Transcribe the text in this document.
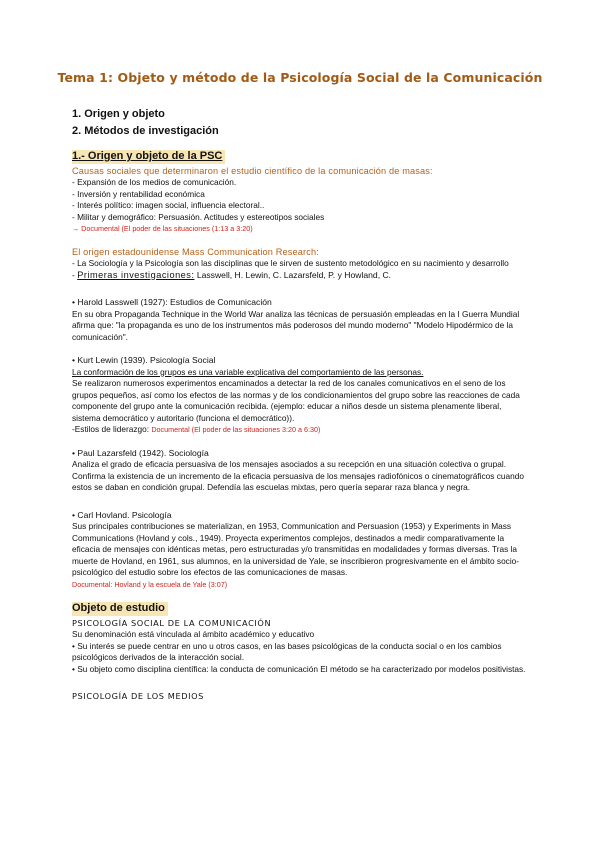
Tema 1: Objeto y método de la Psicología Social de la Comunicación
1. Origen y objeto
2. Métodos de investigación
1.- Origen y objeto de la PSC

Causas sociales que determinaron el estudio científico de la comunicación de masas:

- Expansión de los medios de comunicación.

- Inversión y rentabilidad económica

- Interés político: imagen social, influencia electoral..

- Militar y demográfico: Persuasión. Actitudes y estereotipos sociales

→ Documental (El poder de las situaciones (1:13 a 3:20)

El origen estadounidense Mass Communication Research:

- La Sociología y la Psicología son las disciplinas que le sirven de sustento metodológico en su nacimiento y desarrollo

- Primeras investigaciones: Lasswell, H. Lewin, C. Lazarsfeld, P. y Howland, C.

• Harold Lasswell (1927): Estudios de Comunicación

En su obra Propaganda Technique in the World War analiza las técnicas de persuasión empleadas en la I Guerra Mundial afirma que: "la propaganda es uno de los instrumentos más poderosos del mundo moderno" "Modelo Hipodérmico de la comunicación".

• Kurt Lewin (1939). Psicología Social

La conformación de los grupos es una variable explicativa del comportamiento de las personas.

Se realizaron numerosos experimentos encaminados a detectar la red de los canales comunicativos en el seno de los grupos pequeños, así como los efectos de las normas y de los condicionamientos del grupo sobre las reacciones de cada componente del grupo ante la comunicación recibida. (ejemplo: educar a niños desde un sistema plenamente liberal, sistema democrático y autoritario (funciona el democrático)).

-Estilos de liderazgo: Documental (El poder de las situaciones 3:20 a 6:30)

• Paul Lazarsfeld (1942). Sociología

Analiza el grado de eficacia persuasiva de los mensajes asociados a su recepción en una situación colectiva o grupal. Confirma la existencia de un incremento de la eficacia persuasiva de los mensajes radiofónicos o cinematográficos cuando estos se daban en condición grupal. Defendía las escuelas mixtas, pero quería separar raza blanca y negra.

• Carl Hovland. Psicología

Sus principales contribuciones se materializan, en 1953, Communication and Persuasion (1953) y Experiments in Mass Communications (Hovland y cols., 1949). Proyecta experimentos complejos, destinados a medir comparativamente la eficacia de mensajes con idénticas metas, pero estructuradas y/o transmitidas en modalidades y formas diversas. Tras la muerte de Hovland, en 1961, sus alumnos, en la universidad de Yale, se inscribieron progresivamente en el ámbito socio-psicológico del estudio sobre los efectos de las comunicaciones de masas.

Documental: Hovland y la escuela de Yale (3:07)

Objeto de estudio

PSICOLOGÍA SOCIAL DE LA COMUNICACIÓN

Su denominación está vinculada al ámbito académico y educativo

• Su interés se puede centrar en uno u otros casos, en las bases psicológicas de la conducta social o en los cambios psicológicos derivados de la interacción social.

• Su objeto como disciplina científica: la conducta de comunicación El método se ha caracterizado por modelos positivistas.

PSICOLOGÍA DE LOS MEDIOS
